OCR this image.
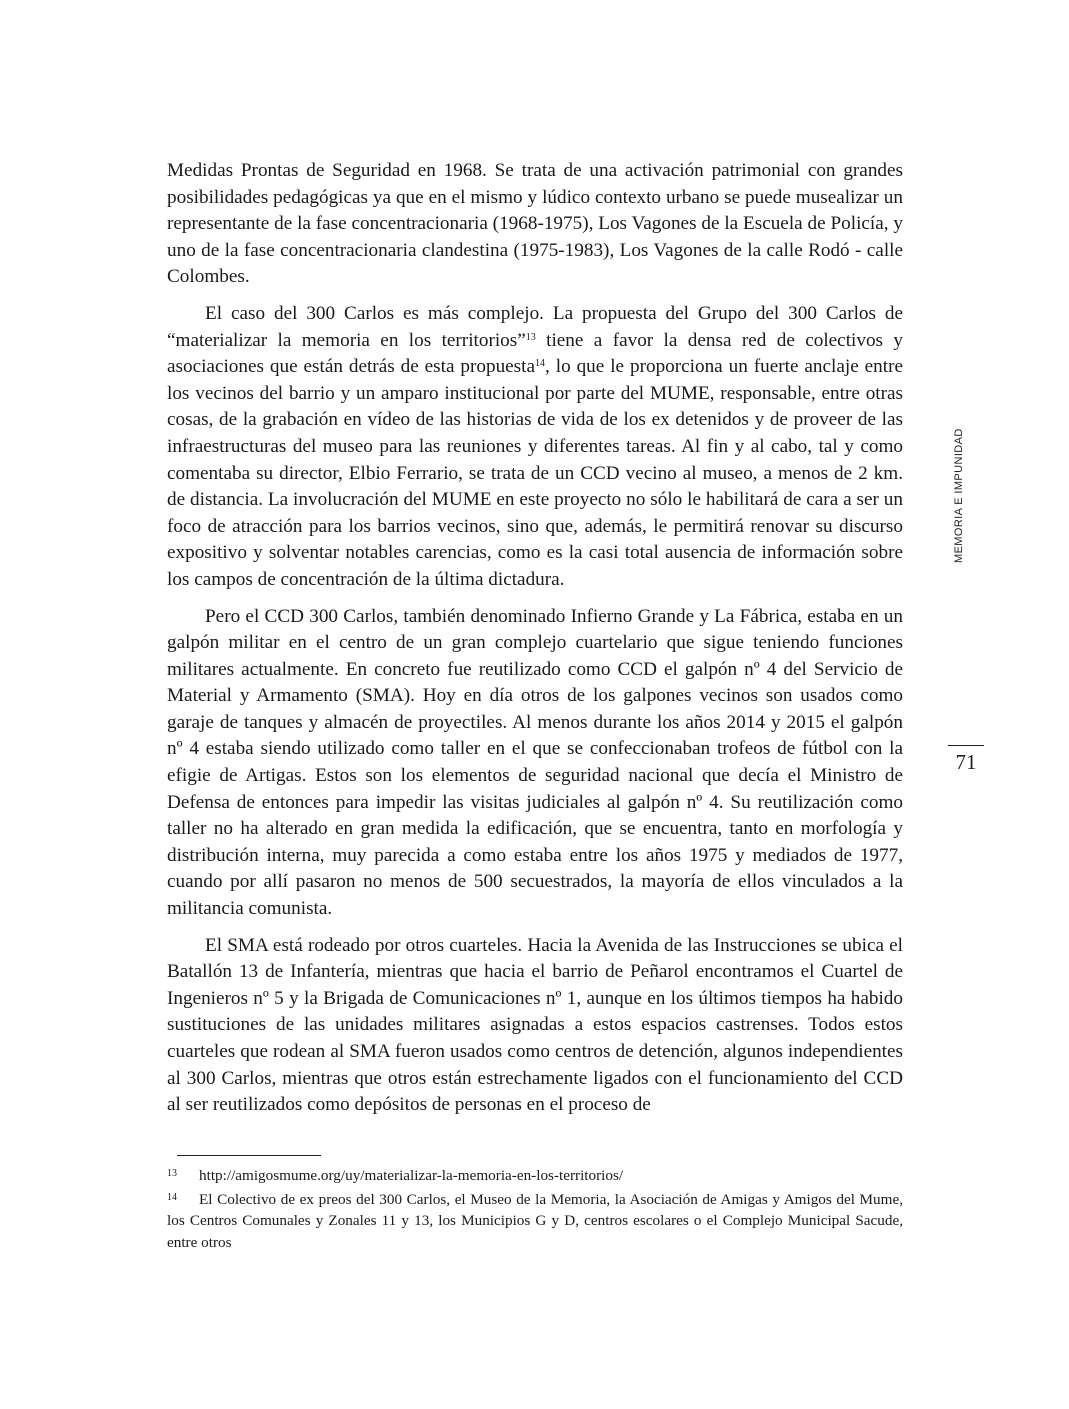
Medidas Prontas de Seguridad en 1968. Se trata de una activación patrimonial con grandes posibilidades pedagógicas ya que en el mismo y lúdico contexto urbano se puede musealizar un representante de la fase concentracionaria (1968-1975), Los Vagones de la Escuela de Policía, y uno de la fase concentracionaria clandestina (1975-1983), Los Vagones de la calle Rodó - calle Colombes.

El caso del 300 Carlos es más complejo. La propuesta del Grupo del 300 Carlos de “materializar la memoria en los territorios”$^{13}$ tiene a favor la densa red de colectivos y asociaciones que están detrás de esta propuesta$^{14}$, lo que le proporciona un fuerte anclaje entre los vecinos del barrio y un amparo institucional por parte del MUME, responsable, entre otras cosas, de la grabación en vídeo de las historias de vida de los ex detenidos y de proveer de las infraestructuras del museo para las reuniones y diferentes tareas. Al fin y al cabo, tal y como comentaba su director, Elbio Ferrario, se trata de un CCD vecino al museo, a menos de 2 km. de distancia. La involucración del MUME en este proyecto no sólo le habilitará de cara a ser un foco de atracción para los barrios vecinos, sino que, además, le permitirá renovar su discurso expositivo y solventar notables carencias, como es la casi total ausencia de información sobre los campos de concentración de la última dictadura.

Pero el CCD 300 Carlos, también denominado Infierno Grande y La Fábrica, estaba en un galpón militar en el centro de un gran complejo cuartelario que sigue teniendo funciones militares actualmente. En concreto fue reutilizado como CCD el galpón nº 4 del Servicio de Material y Armamento (SMA). Hoy en día otros de los galpones vecinos son usados como garaje de tanques y almacén de proyectiles. Al menos durante los años 2014 y 2015 el galpón nº 4 estaba siendo utilizado como taller en el que se confeccionaban trofeos de fútbol con la efigie de Artigas. Estos son los elementos de seguridad nacional que decía el Ministro de Defensa de entonces para impedir las visitas judiciales al galpón nº 4. Su reutilización como taller no ha alterado en gran medida la edificación, que se encuentra, tanto en morfología y distribución interna, muy parecida a como estaba entre los años 1975 y mediados de 1977, cuando por allí pasaron no menos de 500 secuestrados, la mayoría de ellos vinculados a la militancia comunista.

El SMA está rodeado por otros cuarteles. Hacia la Avenida de las Instrucciones se ubica el Batallón 13 de Infantería, mientras que hacia el barrio de Peñarol encontramos el Cuartel de Ingenieros nº 5 y la Brigada de Comunicaciones nº 1, aunque en los últimos tiempos ha habido sustituciones de las unidades militares asignadas a estos espacios castrenses. Todos estos cuarteles que rodean al SMA fueron usados como centros de detención, algunos independientes al 300 Carlos, mientras que otros están estrechamente ligados con el funcionamiento del CCD al ser reutilizados como depósitos de personas en el proceso de

MEMORIA E IMPUNIDAD
71

13 http://amigosmume.org/uy/materializar-la-memoria-en-los-territorios/

14 El Colectivo de ex preos del 300 Carlos, el Museo de la Memoria, la Asociación de Amigas y Amigos del Mume, los Centros Comunales y Zonales 11 y 13, los Municipios G y D, centros escolares o el Complejo Municipal Sacude, entre otros
